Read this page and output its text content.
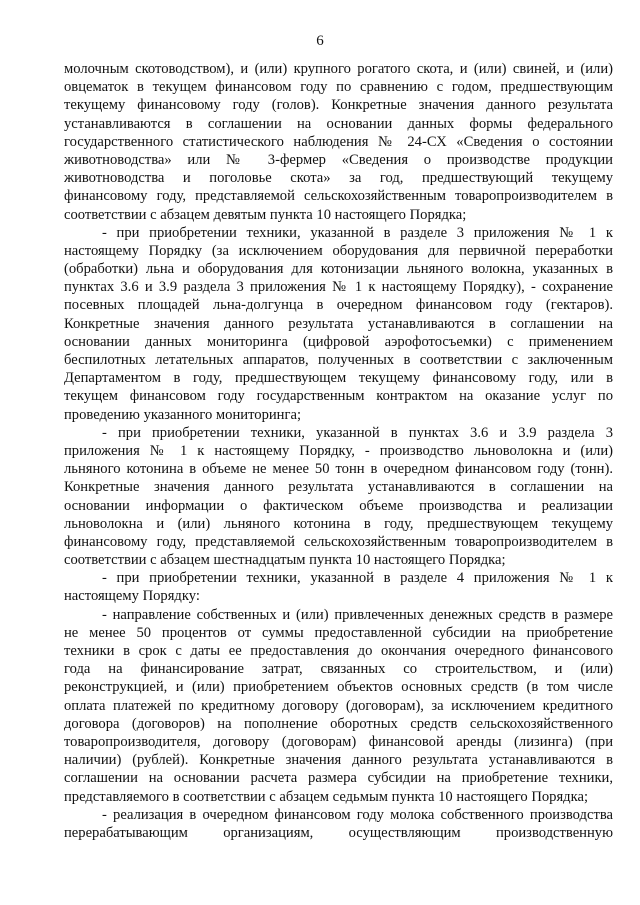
6
молочным скотоводством), и (или) крупного рогатого скота, и (или) свиней, и (или)
овцематок в текущем финансовом году по сравнению с годом, предшествующим
текущему финансовому году (голов). Конкретные значения данного результата
устанавливаются в соглашении на основании данных формы федерального
государственного статистического наблюдения № 24-СХ «Сведения о состоянии
животноводства» или № 3-фермер «Сведения о производстве продукции
животноводства и поголовье скота» за год, предшествующий текущему
финансовому году, представляемой сельскохозяйственным товаропроизводителем в
соответствии с абзацем девятым пункта 10 настоящего Порядка;
- при приобретении техники, указанной в разделе 3 приложения № 1 к
настоящему Порядку (за исключением оборудования для первичной переработки
(обработки) льна и оборудования для котонизации льняного волокна, указанных в
пунктах 3.6 и 3.9 раздела 3 приложения № 1 к настоящему Порядку), - сохранение
посевных площадей льна-долгунца в очередном финансовом году (гектаров).
Конкретные значения данного результата устанавливаются в соглашении на
основании данных мониторинга (цифровой аэрофотосъемки) с применением
беспилотных летательных аппаратов, полученных в соответствии с заключенным
Департаментом в году, предшествующем текущему финансовому году, или в
текущем финансовом году государственным контрактом на оказание услуг по
проведению указанного мониторинга;
- при приобретении техники, указанной в пунктах 3.6 и 3.9 раздела 3
приложения № 1 к настоящему Порядку, - производство льноволокна и (или)
льняного котонина в объеме не менее 50 тонн в очередном финансовом году (тонн).
Конкретные значения данного результата устанавливаются в соглашении на
основании информации о фактическом объеме производства и реализации
льноволокна и (или) льняного котонина в году, предшествующем текущему
финансовому году, представляемой сельскохозяйственным товаропроизводителем в
соответствии с абзацем шестнадцатым пункта 10 настоящего Порядка;
- при приобретении техники, указанной в разделе 4 приложения № 1 к
настоящему Порядку:
- направление собственных и (или) привлеченных денежных средств в размере
не менее 50 процентов от суммы предоставленной субсидии на приобретение
техники в срок с даты ее предоставления до окончания очередного финансового
года на финансирование затрат, связанных со строительством, и (или)
реконструкцией, и (или) приобретением объектов основных средств (в том числе
оплата платежей по кредитному договору (договорам), за исключением кредитного
договора (договоров) на пополнение оборотных средств сельскохозяйственного
товаропроизводителя, договору (договорам) финансовой аренды (лизинга) (при
наличии) (рублей). Конкретные значения данного результата устанавливаются в
соглашении на основании расчета размера субсидии на приобретение техники,
представляемого в соответствии с абзацем седьмым пункта 10 настоящего Порядка;
- реализация в очередном финансовом году молока собственного производства
перерабатывающим организациям, осуществляющим производственную
